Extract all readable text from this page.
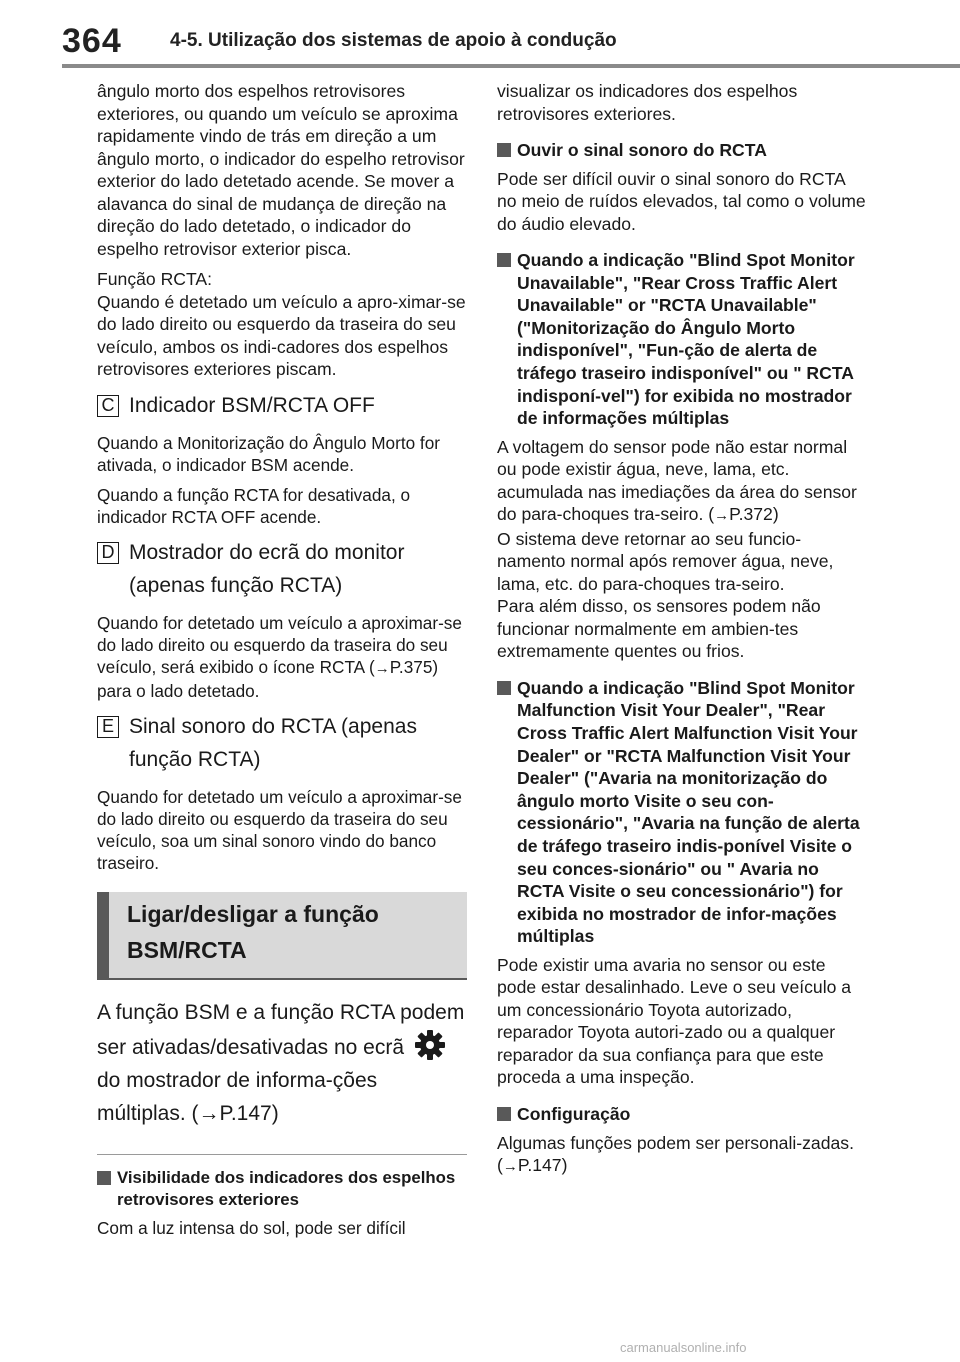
364	4-5. Utilização dos sistemas de apoio à condução

ângulo morto dos espelhos retrovisores exteriores, ou quando um veículo se aproxima rapidamente vindo de trás em direção a um ângulo morto, o indicador do espelho retrovisor exterior do lado detetado acende. Se mover a alavanca do sinal de mudança de direção na direção do lado detetado, o indicador do espelho retrovisor exterior pisca.

Função RCTA:

Quando é detetado um veículo a apro-ximar-se do lado direito ou esquerdo da traseira do seu veículo, ambos os indi-cadores dos espelhos retrovisores exteriores piscam.

C Indicador BSM/RCTA OFF

Quando a Monitorização do Ângulo Morto for ativada, o indicador BSM acende.

Quando a função RCTA for desativada, o indicador RCTA OFF acende.

D Mostrador do ecrã do monitor (apenas função RCTA)

Quando for detetado um veículo a aproximar-se do lado direito ou esquerdo da traseira do seu veículo, será exibido o ícone RCTA (→P.375) para o lado detetado.

E Sinal sonoro do RCTA (apenas função RCTA)

Quando for detetado um veículo a aproximar-se do lado direito ou esquerdo da traseira do seu veículo, soa um sinal sonoro vindo do banco traseiro.

Ligar/desligar a função
BSM/RCTA

A função BSM e a função RCTA podem ser ativadas/desativadas no ecrã  do mostrador de informa-ções múltiplas. (→P.147)

Visibilidade dos indicadores dos espelhos retrovisores exteriores

Com a luz intensa do sol, pode ser difícil

visualizar os indicadores dos espelhos retrovisores exteriores.

Ouvir o sinal sonoro do RCTA

Pode ser difícil ouvir o sinal sonoro do RCTA no meio de ruídos elevados, tal como o volume do áudio elevado.

Quando a indicação "Blind Spot Monitor Unavailable", "Rear Cross Traffic Alert Unavailable" or "RCTA Unavailable" ("Monitorização do Ângulo Morto indisponível", "Fun-ção de alerta de tráfego traseiro indisponível" ou " RCTA indisponí-vel") for exibida no mostrador de informações múltiplas

A voltagem do sensor pode não estar normal ou pode existir água, neve, lama, etc. acumulada nas imediações da área do sensor do para-choques tra-seiro. (→P.372)

O sistema deve retornar ao seu funcio-namento normal após remover água, neve, lama, etc. do para-choques tra-seiro.

Para além disso, os sensores podem não funcionar normalmente em ambien-tes extremamente quentes ou frios.

Quando a indicação "Blind Spot Monitor Malfunction Visit Your Dealer", "Rear Cross Traffic Alert Malfunction Visit Your Dealer" or "RCTA Malfunction Visit Your Dealer" ("Avaria na monitorização do ângulo morto Visite o seu con-cessionário", "Avaria na função de alerta de tráfego traseiro indis-ponível Visite o seu conces-sionário" ou " Avaria no RCTA Visite o seu concessionário") for exibida no mostrador de infor-mações múltiplas

Pode existir uma avaria no sensor ou este pode estar desalinhado. Leve o seu veículo a um concessionário Toyota autorizado, reparador Toyota autori-zado ou a qualquer reparador da sua confiança para que este proceda a uma inspeção.

Configuração

Algumas funções podem ser personali-zadas. (→P.147)

carmanualsonline.info
